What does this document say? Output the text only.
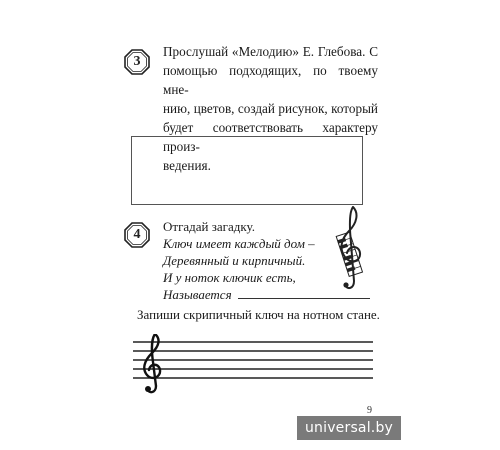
3
Прослушай «Мелодию» Е. Глебова. С
помощью подходящих, по твоему мне-
нию, цветов, создай рисунок, который
будет соответствовать характеру произ-
ведения.
4
Отгадай загадку.
Ключ имеет каждый дом –
Деревянный и кирпичный.
И у ноток ключик есть,
Называется
Запиши скрипичный ключ на нотном стане.
9
universal.by
